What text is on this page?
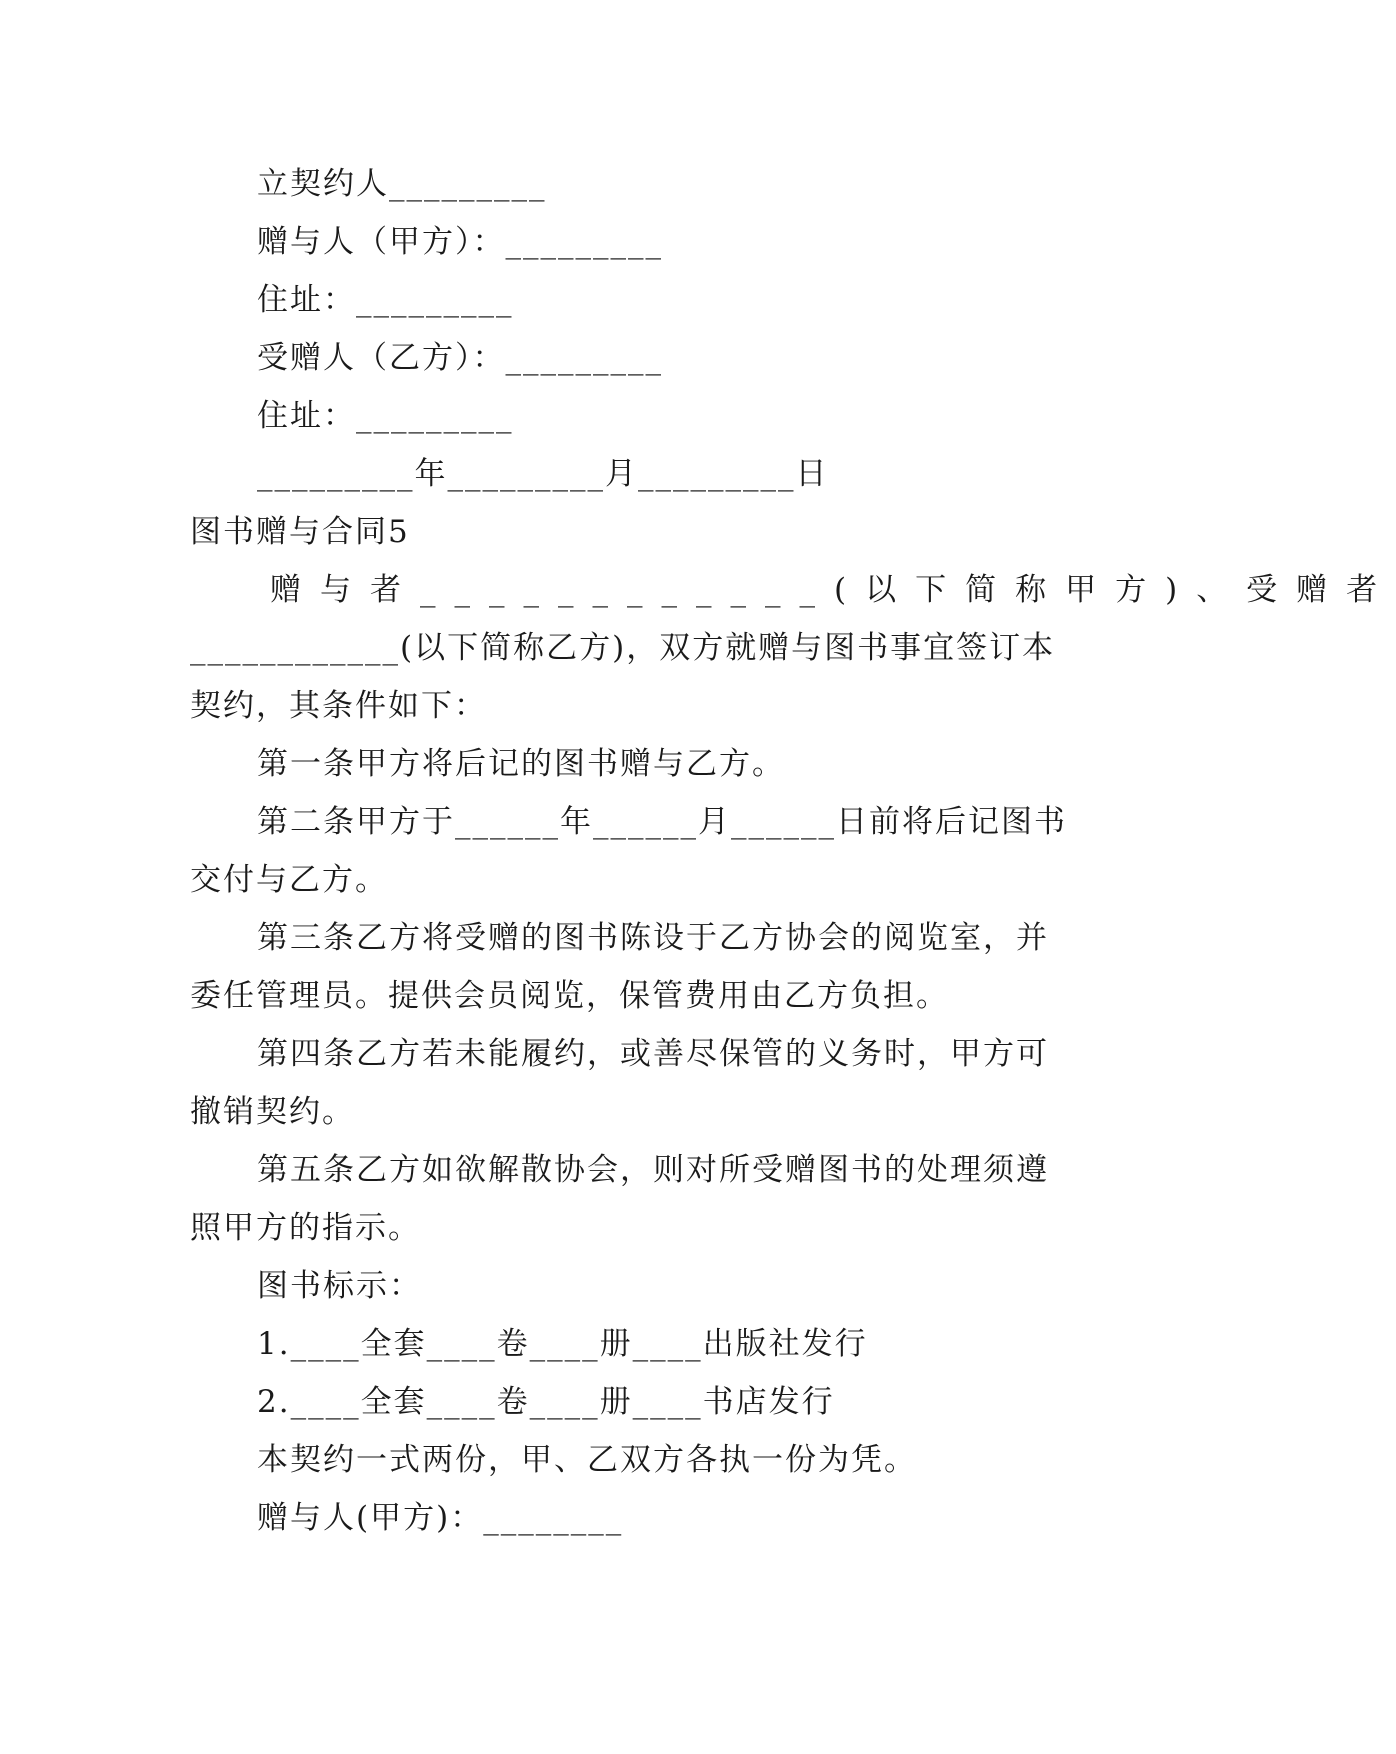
立契约人_________
赠与人（甲方）：_________
住址：_________
受赠人（乙方）：_________
住址：_________
_________年_________月_________日
图书赠与合同5
赠与者____________(以下简称甲方)、受赠者
____________(以下简称乙方)，双方就赠与图书事宜签订本
契约，其条件如下：
第一条甲方将后记的图书赠与乙方。
第二条甲方于______年______月______日前将后记图书
交付与乙方。
第三条乙方将受赠的图书陈设于乙方协会的阅览室，并
委任管理员。提供会员阅览，保管费用由乙方负担。
第四条乙方若未能履约，或善尽保管的义务时，甲方可
撤销契约。
第五条乙方如欲解散协会，则对所受赠图书的处理须遵
照甲方的指示。
图书标示：
1.____全套____卷____册____出版社发行
2.____全套____卷____册____书店发行
本契约一式两份，甲、乙双方各执一份为凭。
赠与人(甲方)：________
